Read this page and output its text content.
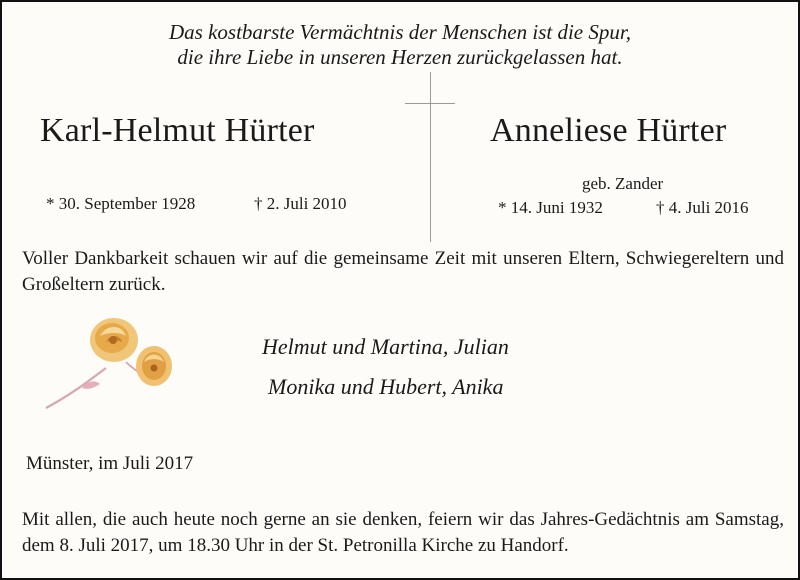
Das kostbarste Vermächtnis der Menschen ist die Spur,
die ihre Liebe in unseren Herzen zurückgelassen hat.
Karl-Helmut Hürter
* 30. September 1928	† 2. Juli 2010
Anneliese Hürter
geb. Zander
* 14. Juni 1932	† 4. Juli 2016
Voller Dankbarkeit schauen wir auf die gemeinsame Zeit mit unseren Eltern, Schwiegereltern und Großeltern zurück.
Helmut und Martina, Julian
Monika und Hubert, Anika
Münster, im Juli 2017
Mit allen, die auch heute noch gerne an sie denken, feiern wir das Jahres-Gedächtnis am Samstag, dem 8. Juli 2017, um 18.30 Uhr in der St. Petronilla Kirche zu Handorf.
